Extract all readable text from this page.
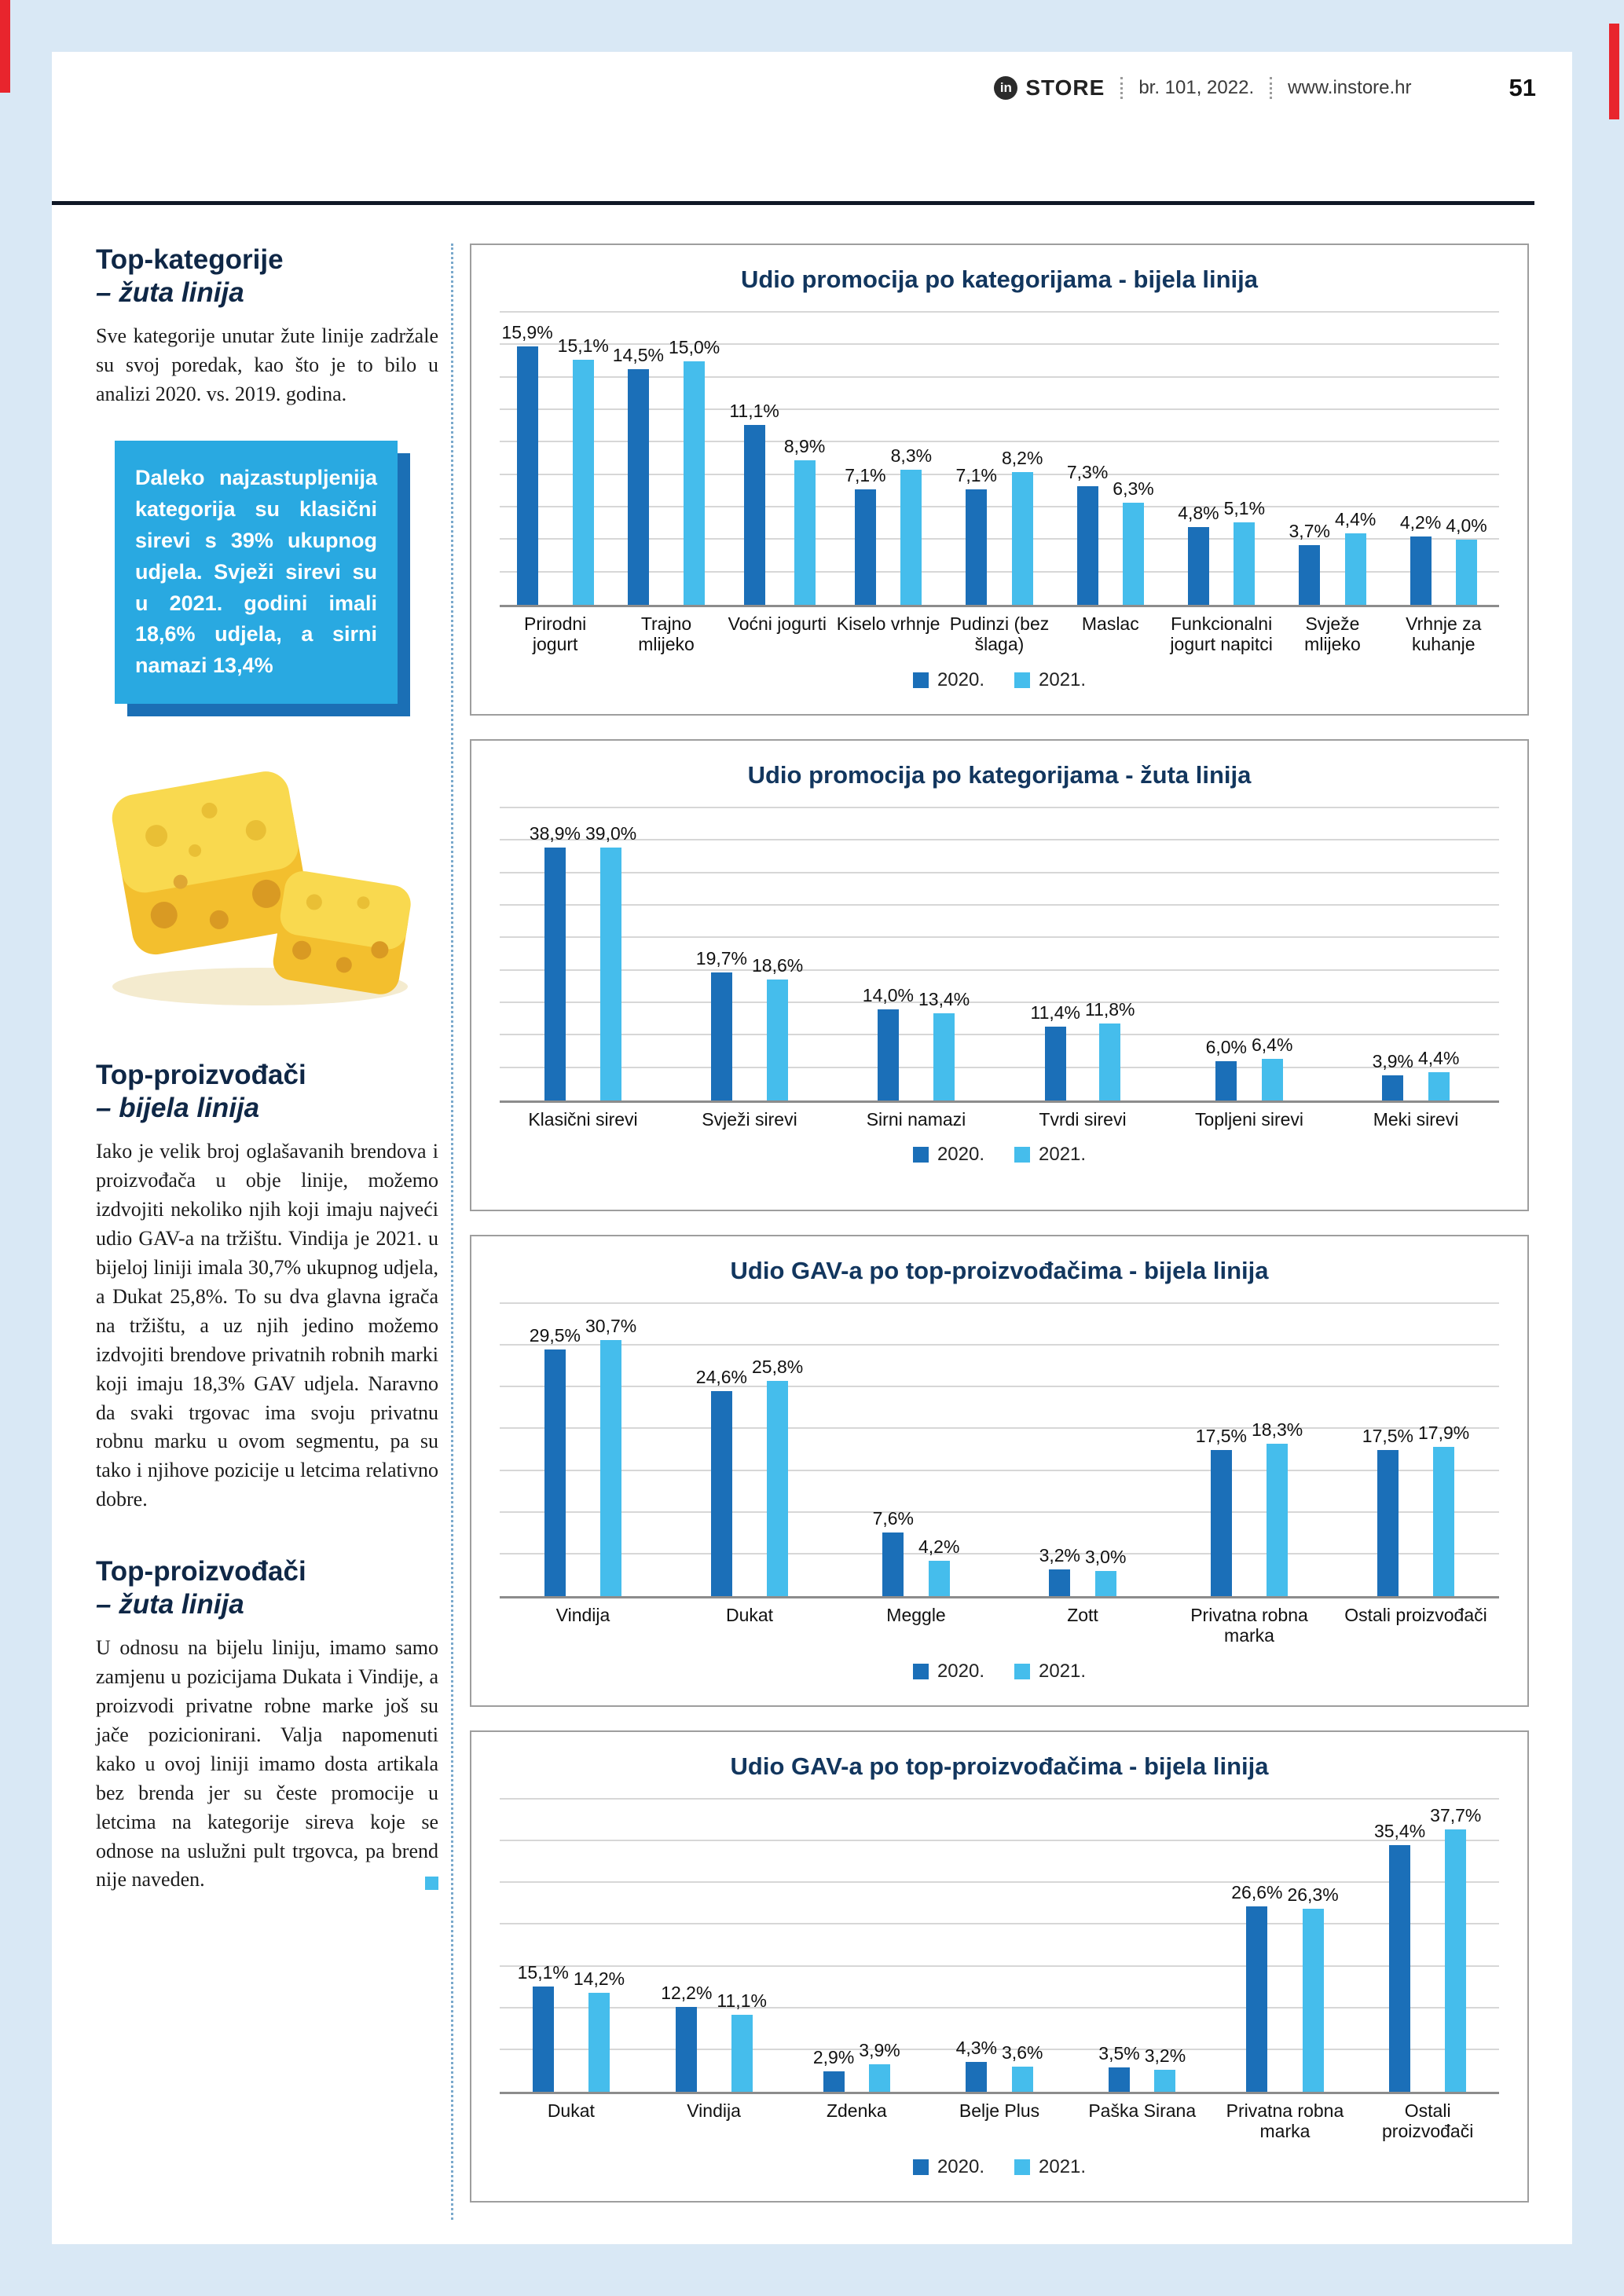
in STORE br. 101, 2022. www.instore.hr	51
Top-kategorije
– žuta linija

Sve kategorije unutar žute linije zadržale su svoj poredak, kao što je to bilo u analizi 2020. vs. 2019. godina.

Daleko najzastupljenija kategorija su klasični sirevi s 39% ukupnog udjela. Svježi sirevi su u 2021. godini imali 18,6% udjela, a sirni namazi 13,4%
Top-proizvođači
– bijela linija

Iako je velik broj oglašavanih brendova i proizvođača u obje linije, možemo izdvojiti nekoliko njih koji imaju najveći udio GAV-a na tržištu. Vindija je 2021. u bijeloj liniji imala 30,7% ukupnog udjela, a Dukat 25,8%. To su dva glavna igrača na tržištu, a uz njih jedino možemo izdvojiti brendove privatnih robnih marki koji imaju 18,3% GAV udjela. Naravno da svaki trgovac ima svoju privatnu robnu marku u ovom segmentu, pa su tako i njihove pozicije u letcima relativno dobre.

Top-proizvođači
– žuta linija

U odnosu na bijelu liniju, imamo samo zamjenu u pozicijama Dukata i Vindije, a proizvodi privatne robne marke još su jače pozicionirani. Valja napomenuti kako u ovoj liniji imamo dosta artikala bez brenda jer su česte promocije u letcima na kategorije sireva koje se odnose na uslužni pult trgovca, pa brend nije naveden.

Udio promocija po kategorijama - bijela linija
15,9%
15,1% 14,5% 15,0%
11,1%
8,9%
7,1%
8,3%
7,1%
8,2%
7,3%
6,3%
4,8% 5,1%
3,7%
4,4% 4,2% 4,0%
Prirodni jogurt
Trajno mlijeko
Voćni jogurti Kiselo vrhnje Pudinzi (bez šlaga)
Maslac	Funkcionalni jogurt napitci
Svježe mlijeko
Vrhnje za kuhanje
2020.	2021.
Udio promocija po kategorijama - žuta linija
38,9% 39,0%
19,7% 18,6%
14,0% 13,4%
11,4% 11,8%
6,0% 6,4%
3,9% 4,4%
Klasični sirevi	Svježi sirevi	Sirni namazi	Tvrdi sirevi	Topljeni sirevi	Meki sirevi
2020.	2021.
Udio GAV-a po top-proizvođačima - bijela linija
29,5% 30,7%
24,6% 25,8%
7,6%
4,2%	3,2% 3,0%
17,5% 18,3%	17,5% 17,9%
Vindija	Dukat	Meggle	Zott	Privatna robna marka
Ostali proizvođači
2020.	2021.
Udio GAV-a po top-proizvođačima - bijela linija
15,1% 14,2%
12,2% 11,1%
2,9% 3,9%	4,3% 3,6%	3,5% 3,2%
26,6% 26,3%
35,4%
37,7%
Dukat	Vindija	Zdenka	Belje Plus	Paška Sirana	Privatna robna marka
Ostali proizvođači
2020.	2021.
